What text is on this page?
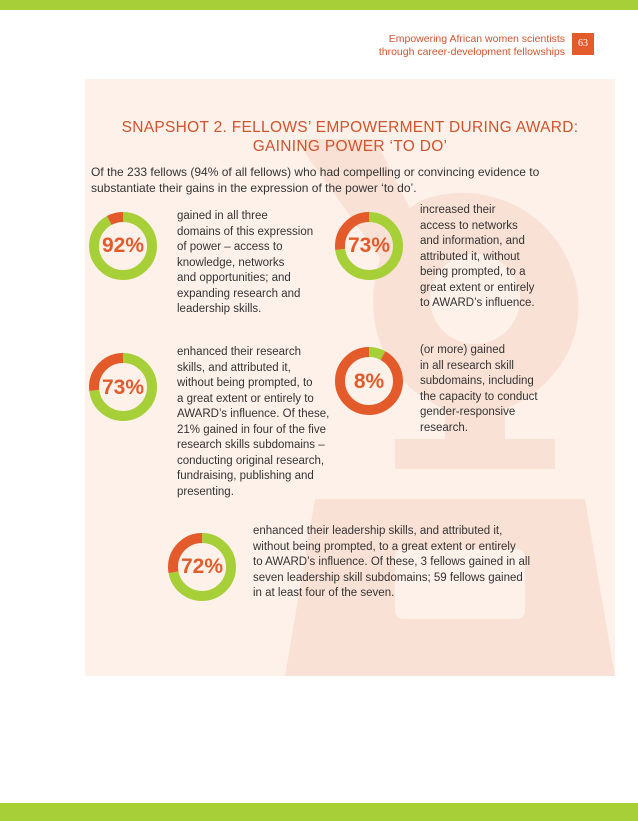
Empowering African women scientists
through career-development fellowships
63
SNAPSHOT 2. FELLOWS’ EMPOWERMENT DURING AWARD:
GAINING POWER ‘TO DO’
Of the 233 fellows (94% of all fellows) who had compelling or convincing evidence to substantiate their gains in the expression of the power ‘to do’.
92%
gained in all three
domains of this expression
of power – access to
knowledge, networks
and opportunities; and
expanding research and
leadership skills.
73%
increased their
access to networks
and information, and
attributed it, without
being prompted, to a
great extent or entirely
to AWARD’s influence.
73%
enhanced their research
skills, and attributed it,
without being prompted, to
a great extent or entirely to
AWARD’s influence. Of these,
21% gained in four of the five
research skills subdomains –
conducting original research,
fundraising, publishing and
presenting.
8%
(or more) gained
in all research skill
subdomains, including
the capacity to conduct
gender-responsive
research.
72%
enhanced their leadership skills, and attributed it,
without being prompted, to a great extent or entirely
to AWARD’s influence. Of these, 3 fellows gained in all
seven leadership skill subdomains; 59 fellows gained
in at least four of the seven.
